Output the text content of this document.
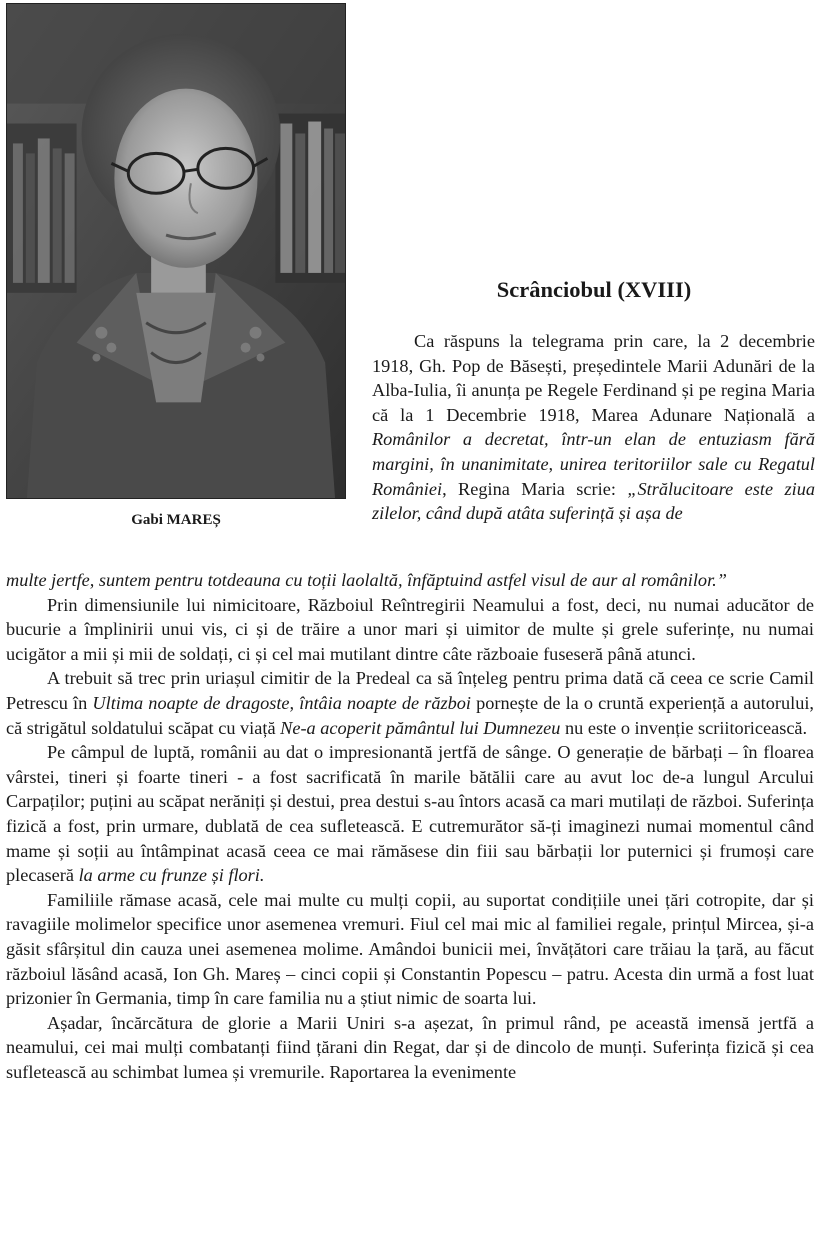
Gabi MAREȘ
Scrânciobul (XVIII)

Ca răspuns la telegrama prin care, la 2 decembrie 1918, Gh. Pop de Băsești, președintele Marii Adunări de la Alba-Iulia, îi anunța pe Regele Ferdinand și pe regina Maria că la 1 Decembrie 1918, Marea Adunare Națională a Românilor a decretat, într-un elan de entuziasm fără margini, în unanimitate, unirea teritoriilor sale cu Regatul României, Regina Maria scrie: „Strălucitoare este ziua zilelor, când după atâta suferință și așa de

multe jertfe, suntem pentru totdeauna cu toții laolaltă, înfăptuind astfel visul de aur al românilor.”

Prin dimensiunile lui nimicitoare, Războiul Reîntregirii Neamului a fost, deci, nu numai aducător de bucurie a împlinirii unui vis, ci și de trăire a unor mari și uimitor de multe și grele suferințe, nu numai ucigător a mii și mii de soldați, ci și cel mai mutilant dintre câte războaie fuseseră până atunci.

A trebuit să trec prin uriașul cimitir de la Predeal ca să înțeleg pentru prima dată că ceea ce scrie Camil Petrescu în Ultima noapte de dragoste, întâia noapte de război pornește de la o cruntă experiență a autorului, că strigătul soldatului scăpat cu viață Ne-a acoperit pământul lui Dumnezeu nu este o invenție scriitoricească.

Pe câmpul de luptă, românii au dat o impresionantă jertfă de sânge. O generație de bărbați – în floarea vârstei, tineri și foarte tineri - a fost sacrificată în marile bătălii care au avut loc de-a lungul Arcului Carpaților; puțini au scăpat nerăniți și destui, prea destui s-au întors acasă ca mari mutilați de război. Suferința fizică a fost, prin urmare, dublată de cea sufletească. E cutremurător să-ți imaginezi numai momentul când mame și soții au întâmpinat acasă ceea ce mai rămăsese din fiii sau bărbații lor puternici și frumoși care plecaseră la arme cu frunze și flori.

Familiile rămase acasă, cele mai multe cu mulți copii, au suportat condițiile unei țări cotropite, dar și ravagiile molimelor specifice unor asemenea vremuri. Fiul cel mai mic al familiei regale, prințul Mircea, și-a găsit sfârșitul din cauza unei asemenea molime. Amândoi bunicii mei, învățători care trăiau la țară, au făcut războiul lăsând acasă, Ion Gh. Mareș – cinci copii și Constantin Popescu – patru. Acesta din urmă a fost luat prizonier în Germania, timp în care familia nu a știut nimic de soarta lui.

Așadar, încărcătura de glorie a Marii Uniri s-a așezat, în primul rând, pe această imensă jertfă a neamului, cei mai mulți combatanți fiind țărani din Regat, dar și de dincolo de munți. Suferința fizică și cea sufletească au schimbat lumea și vremurile. Raportarea la evenimente
